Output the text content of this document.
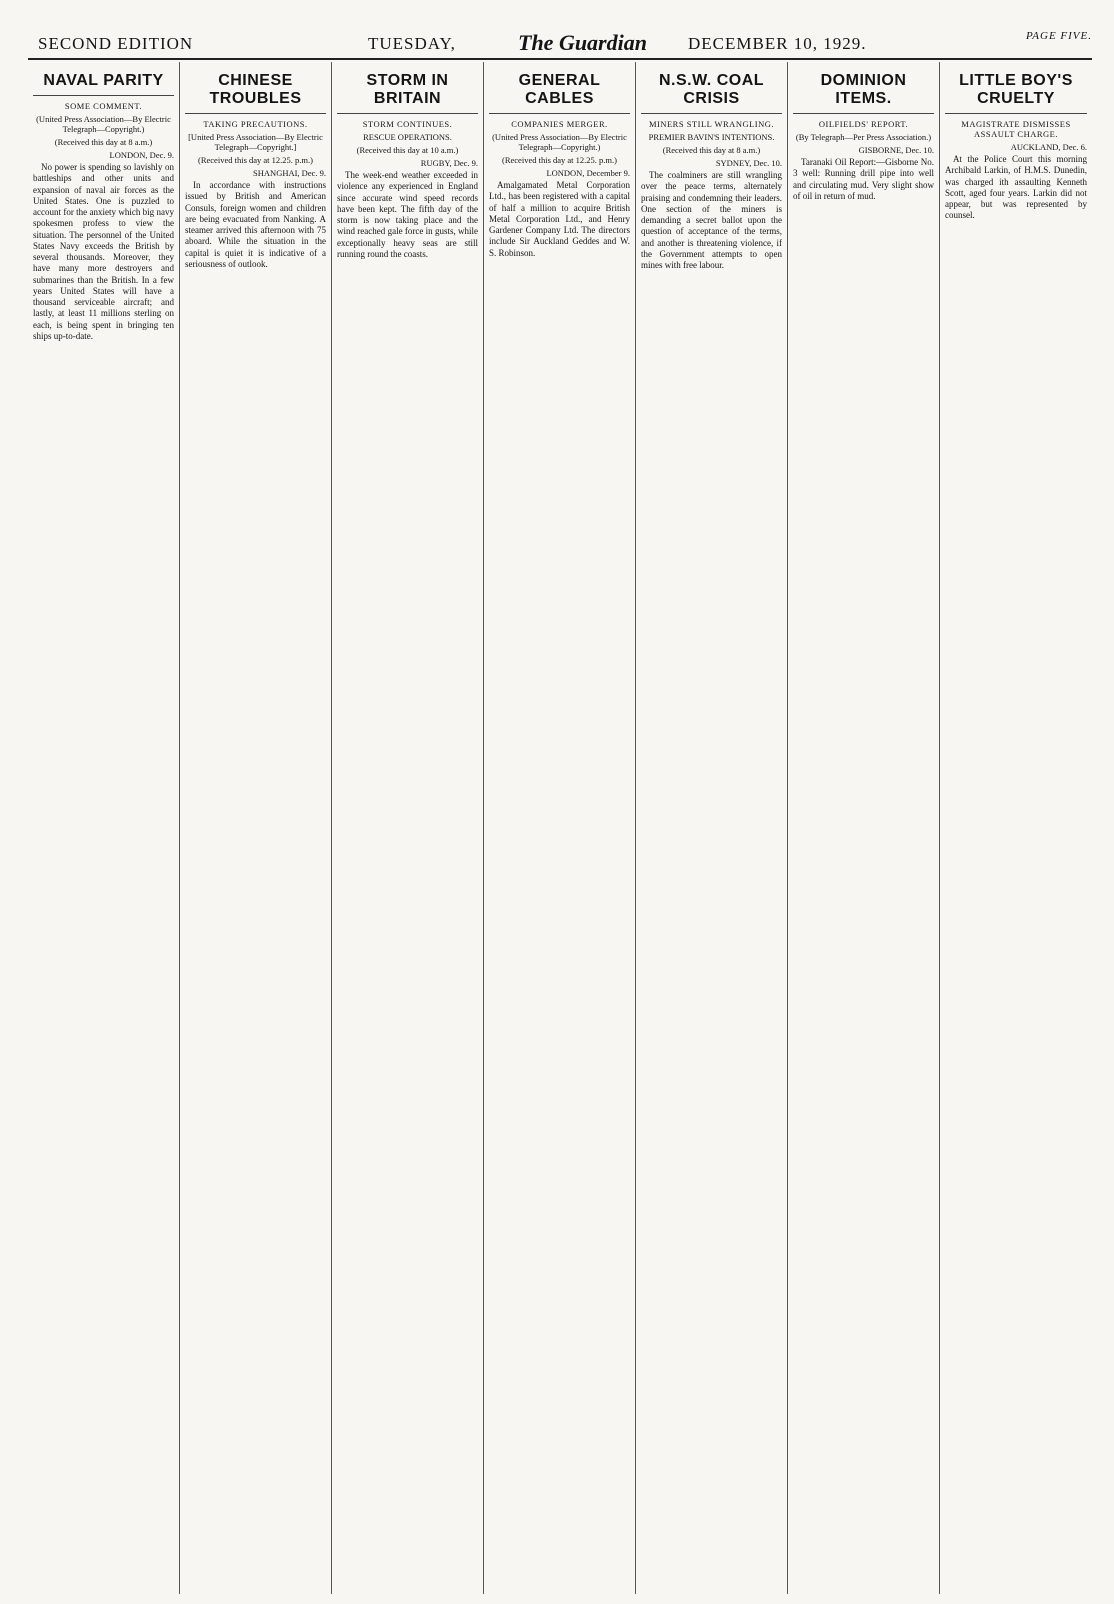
SECOND EDITION	TUESDAY,	The Guardian DECEMBER 10, 1929.	PAGE FIVE.
NAVAL PARITY
SOME COMMENT.
(United Press Association—By Electric Telegraph—Copyright.)
(Received this day at 8 a.m.)
LONDON, Dec. 9.

No power is spending so lavishly on battleships and other units and expansion of naval air forces as the United States. One is puzzled to account for the anxiety which big navy spokesmen profess to view the situation. The personnel of the United States Navy exceeds the British by several thousands. Moreover, they have many more destroyers and submarines than the British. In a few years United States will have a thousand serviceable aircraft; and lastly, at least 11 millions sterling on each, is being spent in bringing ten ships up-to-date.

CHINESE TROUBLES
TAKING PRECAUTIONS.
[United Press Association—By Electric Telegraph—Copyright.]
(Received this day at 12.25. p.m.)
SHANGHAI, Dec. 9.

In accordance with instructions issued by British and American Consuls, foreign women and children are being evacuated from Nanking. A steamer arrived this afternoon with 75 aboard. While the situation in the capital is quiet it is indicative of a seriousness of outlook.

STORM IN BRITAIN
STORM CONTINUES.
RESCUE OPERATIONS.
(Received this day at 10 a.m.)
RUGBY, Dec. 9.

The week-end weather exceeded in violence any experienced in England since accurate wind speed records have been kept. The fifth day of the storm is now taking place and the wind reached gale force in gusts, while exceptionally heavy seas are still running round the coasts.

GENERAL CABLES
COMPANIES MERGER.
(United Press Association—By Electric Telegraph—Copyright.)
(Received this day at 12.25. p.m.)
LONDON, December 9.

Amalgamated Metal Corporation Ltd., has been registered with a capital of half a million to acquire British Metal Corporation Ltd., and Henry Gardener Company Ltd. The directors include Sir Auckland Geddes and W. S. Robinson.

N.S.W. COAL CRISIS
MINERS STILL WRANGLING.
PREMIER BAVIN'S INTENTIONS.
(Received this day at 8 a.m.)
SYDNEY, Dec. 10.

The coalminers are still wrangling over the peace terms, alternately praising and condemning their leaders. One section of the miners is demanding a secret ballot upon the question of acceptance of the terms, and another is threatening violence, if the Government attempts to open mines with free labour.

DOMINION ITEMS.
OILFIELDS' REPORT.
(By Telegraph—Per Press Association.)
GISBORNE, Dec. 10.

Taranaki Oil Report:—Gisborne No. 3 well: Running drill pipe into well and circulating mud. Very slight show of oil in return of mud.

LITTLE BOY'S CRUELTY
MAGISTRATE DISMISSES ASSAULT CHARGE.
AUCKLAND, Dec. 6.

At the Police Court this morning Archibald Larkin, of H.M.S. Dunedin, was charged ith assaulting Kenneth Scott, aged four years. Larkin did not appear, but was represented by counsel.
